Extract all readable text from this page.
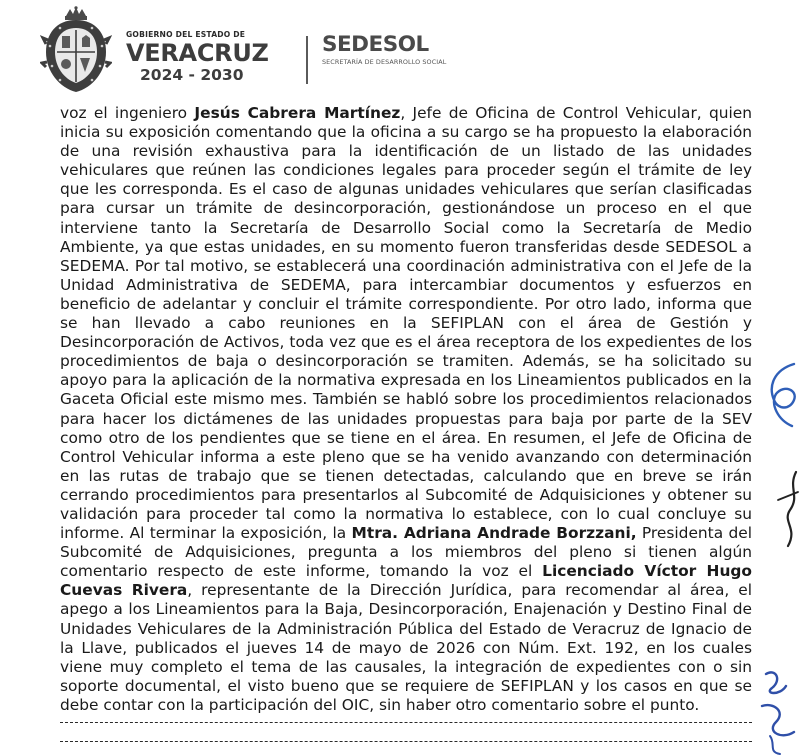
GOBIERNO DEL ESTADO DE
VERACRUZ
2024 - 2030
SEDESOL
SECRETARÍA DE DESARROLLO SOCIAL
voz el ingeniero Jesús Cabrera Martínez, Jefe de Oficina de Control Vehicular, quien inicia su exposición comentando que la oficina a su cargo se ha propuesto la elaboración de una revisión exhaustiva para la identificación de un listado de las unidades vehiculares que reúnen las condiciones legales para proceder según el trámite de ley que les corresponda. Es el caso de algunas unidades vehiculares que serían clasificadas para cursar un trámite de desincorporación, gestionándose un proceso en el que interviene tanto la Secretaría de Desarrollo Social como la Secretaría de Medio Ambiente, ya que estas unidades, en su momento fueron transferidas desde SEDESOL a SEDEMA. Por tal motivo, se establecerá una coordinación administrativa con el Jefe de la Unidad Administrativa de SEDEMA, para intercambiar documentos y esfuerzos en beneficio de adelantar y concluir el trámite correspondiente. Por otro lado, informa que se han llevado a cabo reuniones en la SEFIPLAN con el área de Gestión y Desincorporación de Activos, toda vez que es el área receptora de los expedientes de los procedimientos de baja o desincorporación se tramiten. Además, se ha solicitado su apoyo para la aplicación de la normativa expresada en los Lineamientos publicados en la Gaceta Oficial este mismo mes. También se habló sobre los procedimientos relacionados para hacer los dictámenes de las unidades propuestas para baja por parte de la SEV como otro de los pendientes que se tiene en el área. En resumen, el Jefe de Oficina de Control Vehicular informa a este pleno que se ha venido avanzando con determinación en las rutas de trabajo que se tienen detectadas, calculando que en breve se irán cerrando procedimientos para presentarlos al Subcomité de Adquisiciones y obtener su validación para proceder tal como la normativa lo establece, con lo cual concluye su informe. Al terminar la exposición, la Mtra. Adriana Andrade Borzzani, Presidenta del Subcomité de Adquisiciones, pregunta a los miembros del pleno si tienen algún comentario respecto de este informe, tomando la voz el Licenciado Víctor Hugo Cuevas Rivera, representante de la Dirección Jurídica, para recomendar al área, el apego a los Lineamientos para la Baja, Desincorporación, Enajenación y Destino Final de Unidades Vehiculares de la Administración Pública del Estado de Veracruz de Ignacio de la Llave, publicados el jueves 14 de mayo de 2026 con Núm. Ext. 192, en los cuales viene muy completo el tema de las causales, la integración de expedientes con o sin soporte documental, el visto bueno que se requiere de SEFIPLAN y los casos en que se debe contar con la participación del OIC, sin haber otro comentario sobre el punto.
